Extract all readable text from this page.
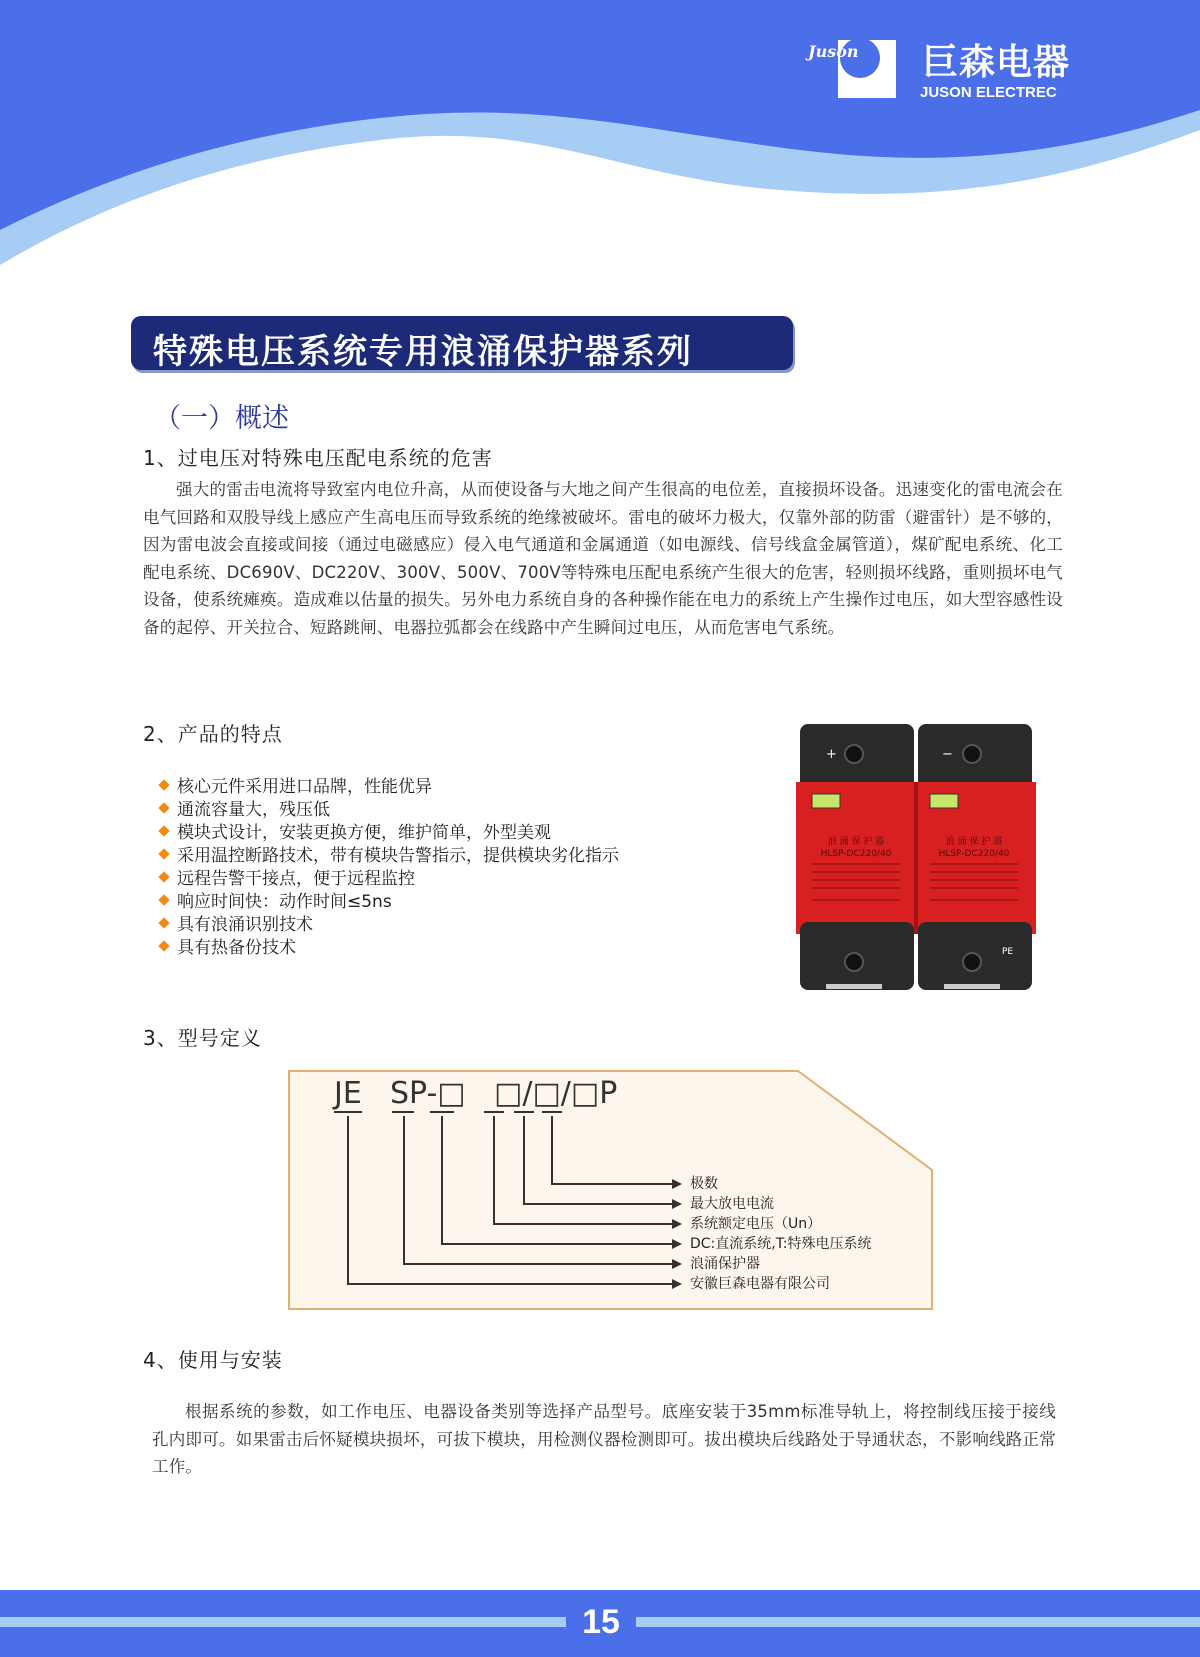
Juson 巨森电器
JUSON ELECTREC
特殊电压系统专用浪涌保护器系列
（一）概述
1、过电压对特殊电压配电系统的危害
强大的雷击电流将导致室内电位升高，从而使设备与大地之间产生很高的电位差，直接损坏设备。迅速变化的雷电流会在电气回路和双股导线上感应产生高电压而导致系统的绝缘被破坏。雷电的破坏力极大，仅靠外部的防雷（避雷针）是不够的，因为雷电波会直接或间接（通过电磁感应）侵入电气通道和金属通道（如电源线、信号线盒金属管道），煤矿配电系统、化工配电系统、DC690V、DC220V、300V、500V、700V等特殊电压配电系统产生很大的危害，轻则损坏线路，重则损坏电气设备，使系统瘫痪。造成难以估量的损失。另外电力系统自身的各种操作能在电力的系统上产生操作过电压，如大型容感性设备的起停、开关拉合、短路跳闸、电器拉弧都会在线路中产生瞬间过电压，从而危害电气系统。
2、产品的特点
核心元件采用进口品牌，性能优异
通流容量大，残压低
模块式设计，安装更换方便，维护简单，外型美观
采用温控断路技术，带有模块告警指示，提供模块劣化指示
远程告警干接点，便于远程监控
响应时间快：动作时间≤5ns
具有浪涌识别技术
具有热备份技术
+	−
浪 涌 保 护 器	浪 涌 保 护 器
HLSP-DC220/40	HLSP-DC220/40
PE
3、型号定义
JE SP-□ □/□/□P
极数
最大放电电流
系统额定电压（Un）
DC:直流系统,T:特殊电压系统
浪涌保护器
安徽巨森电器有限公司
4、使用与安装
根据系统的参数，如工作电压、电器设备类别等选择产品型号。底座安装于35mm标准导轨上，将控制线压接于接线孔内即可。如果雷击后怀疑模块损坏，可拔下模块，用检测仪器检测即可。拔出模块后线路处于导通状态，不影响线路正常工作。
15
